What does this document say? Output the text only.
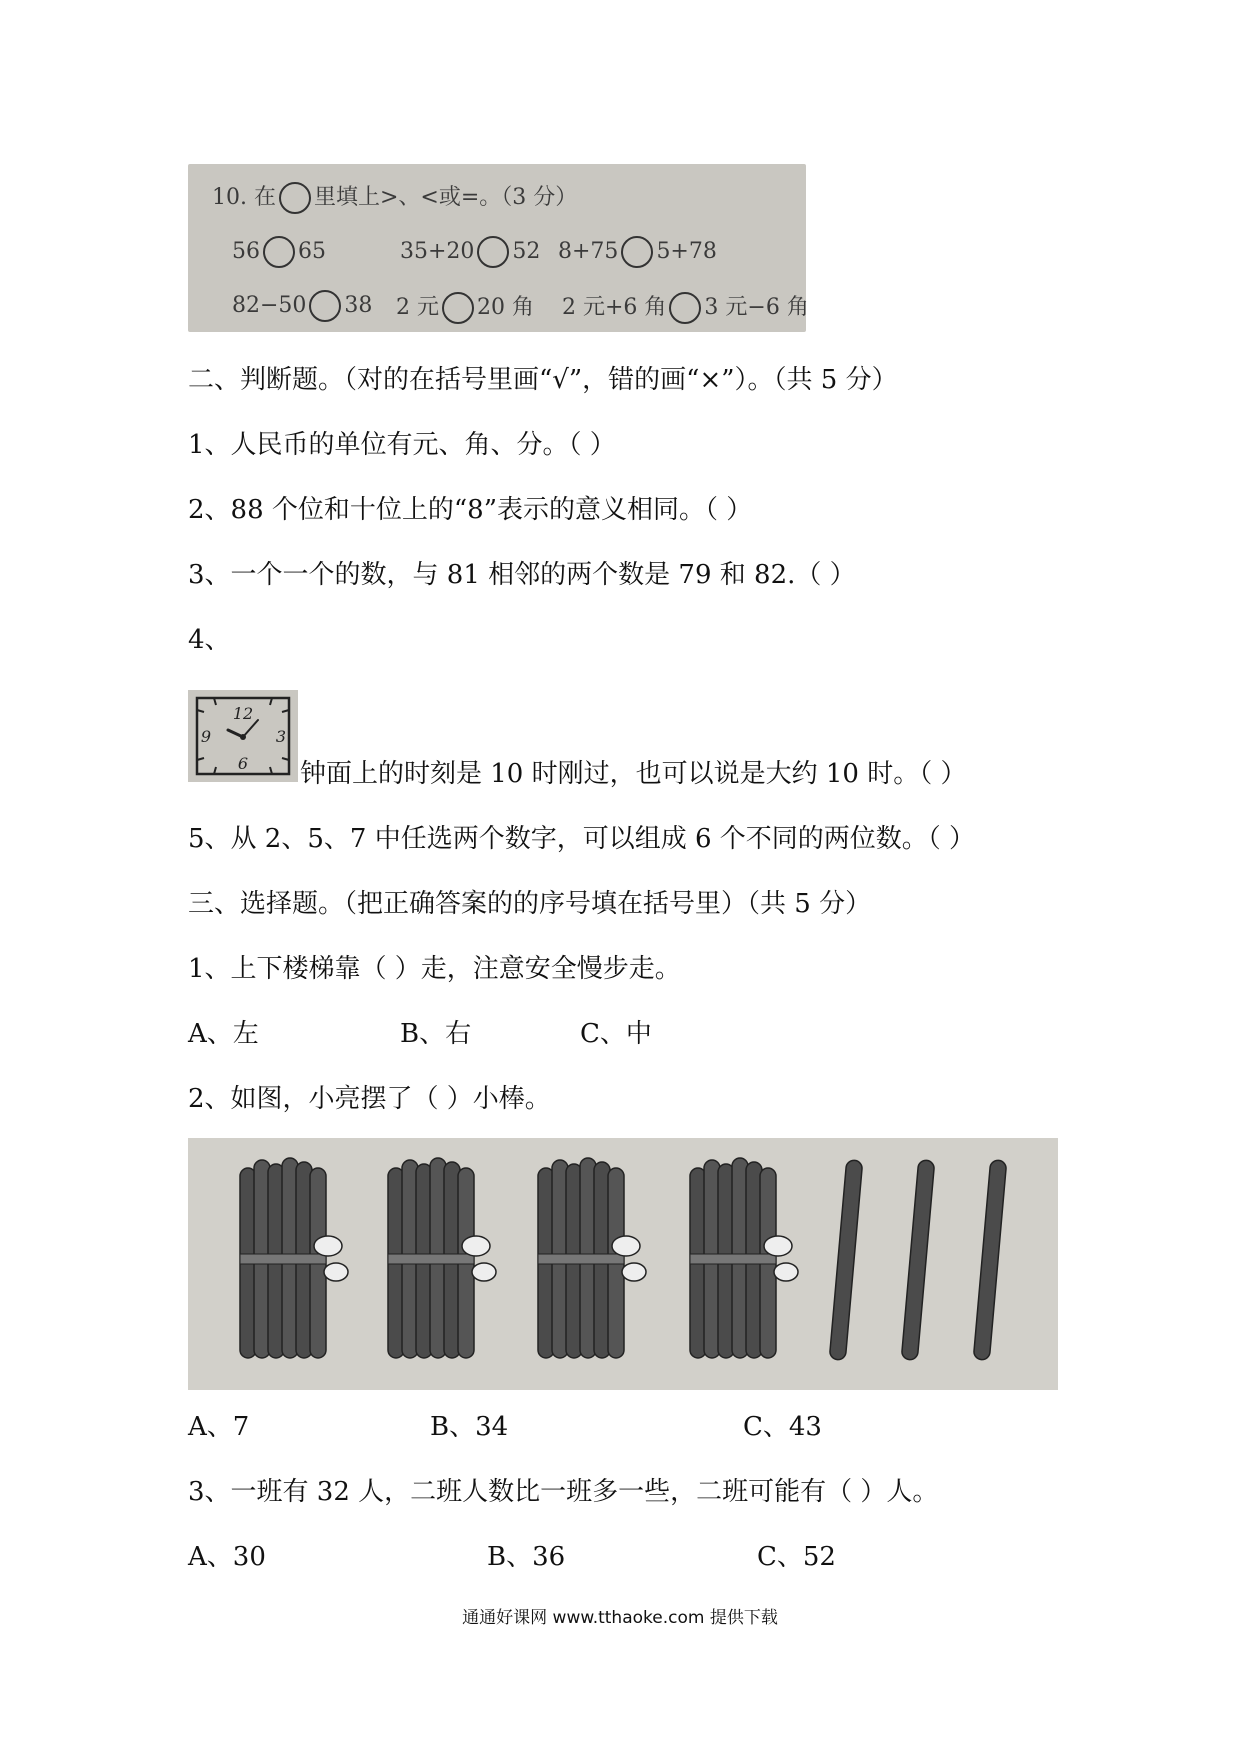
10. 在 里填上>、<或=。（3 分）
56 65	35+20 52 8+75 5+78
82−50 38 2 元 20 角 2 元+6 角 3 元−6 角
二、判断题。（对的在括号里画“√”，错的画“×”）。（共 5 分）
1、人民币的单位有元、角、分。（ ）
2、88 个位和十位上的“8”表示的意义相同。（ ）
3、一个一个的数，与 81 相邻的两个数是 79 和 82.（ ）
4、
12
3
6
9
钟面上的时刻是 10 时刚过，也可以说是大约 10 时。（ ）
5、从 2、5、7 中任选两个数字，可以组成 6 个不同的两位数。（ ）
三、选择题。（把正确答案的的序号填在括号里）（共 5 分）
1、上下楼梯靠（ ）走，注意安全慢步走。
A、左	B、右	C、中
2、如图，小亮摆了（ ）小棒。
A、7	B、34	C、43
3、一班有 32 人，二班人数比一班多一些，二班可能有（ ）人。
A、30	B、36	C、52
通通好课网 www.tthaoke.com 提供下载
